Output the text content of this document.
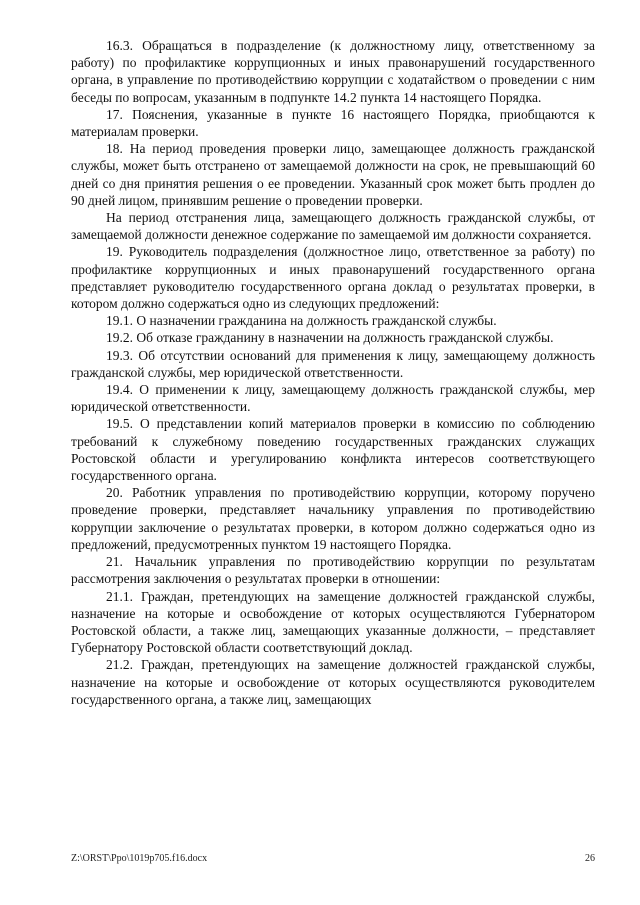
16.3. Обращаться в подразделение (к должностному лицу, ответственному за работу) по профилактике коррупционных и иных правонарушений государственного органа, в управление по противодействию коррупции с ходатайством о проведении с ним беседы по вопросам, указанным в подпункте 14.2 пункта 14 настоящего Порядка.

17. Пояснения, указанные в пункте 16 настоящего Порядка, приобщаются к материалам проверки.

18. На период проведения проверки лицо, замещающее должность гражданской службы, может быть отстранено от замещаемой должности на срок, не превышающий 60 дней со дня принятия решения о ее проведении. Указанный срок может быть продлен до 90 дней лицом, принявшим решение о проведении проверки.

На период отстранения лица, замещающего должность гражданской службы, от замещаемой должности денежное содержание по замещаемой им должности сохраняется.

19. Руководитель подразделения (должностное лицо, ответственное за работу) по профилактике коррупционных и иных правонарушений государственного органа представляет руководителю государственного органа доклад о результатах проверки, в котором должно содержаться одно из следующих предложений:

19.1. О назначении гражданина на должность гражданской службы.

19.2. Об отказе гражданину в назначении на должность гражданской службы.

19.3. Об отсутствии оснований для применения к лицу, замещающему должность гражданской службы, мер юридической ответственности.

19.4. О применении к лицу, замещающему должность гражданской службы, мер юридической ответственности.

19.5. О представлении копий материалов проверки в комиссию по соблюдению требований к служебному поведению государственных гражданских служащих Ростовской области и урегулированию конфликта интересов соответствующего государственного органа.

20. Работник управления по противодействию коррупции, которому поручено проведение проверки, представляет начальнику управления по противодействию коррупции заключение о результатах проверки, в котором должно содержаться одно из предложений, предусмотренных пунктом 19 настоящего Порядка.

21. Начальник управления по противодействию коррупции по результатам рассмотрения заключения о результатах проверки в отношении:

21.1. Граждан, претендующих на замещение должностей гражданской службы, назначение на которые и освобождение от которых осуществляются Губернатором Ростовской области, а также лиц, замещающих указанные должности, – представляет Губернатору Ростовской области соответствующий доклад.

21.2. Граждан, претендующих на замещение должностей гражданской службы, назначение на которые и освобождение от которых осуществляются руководителем государственного органа, а также лиц, замещающих

Z:\ORST\Ppo\1019p705.f16.docx	26
